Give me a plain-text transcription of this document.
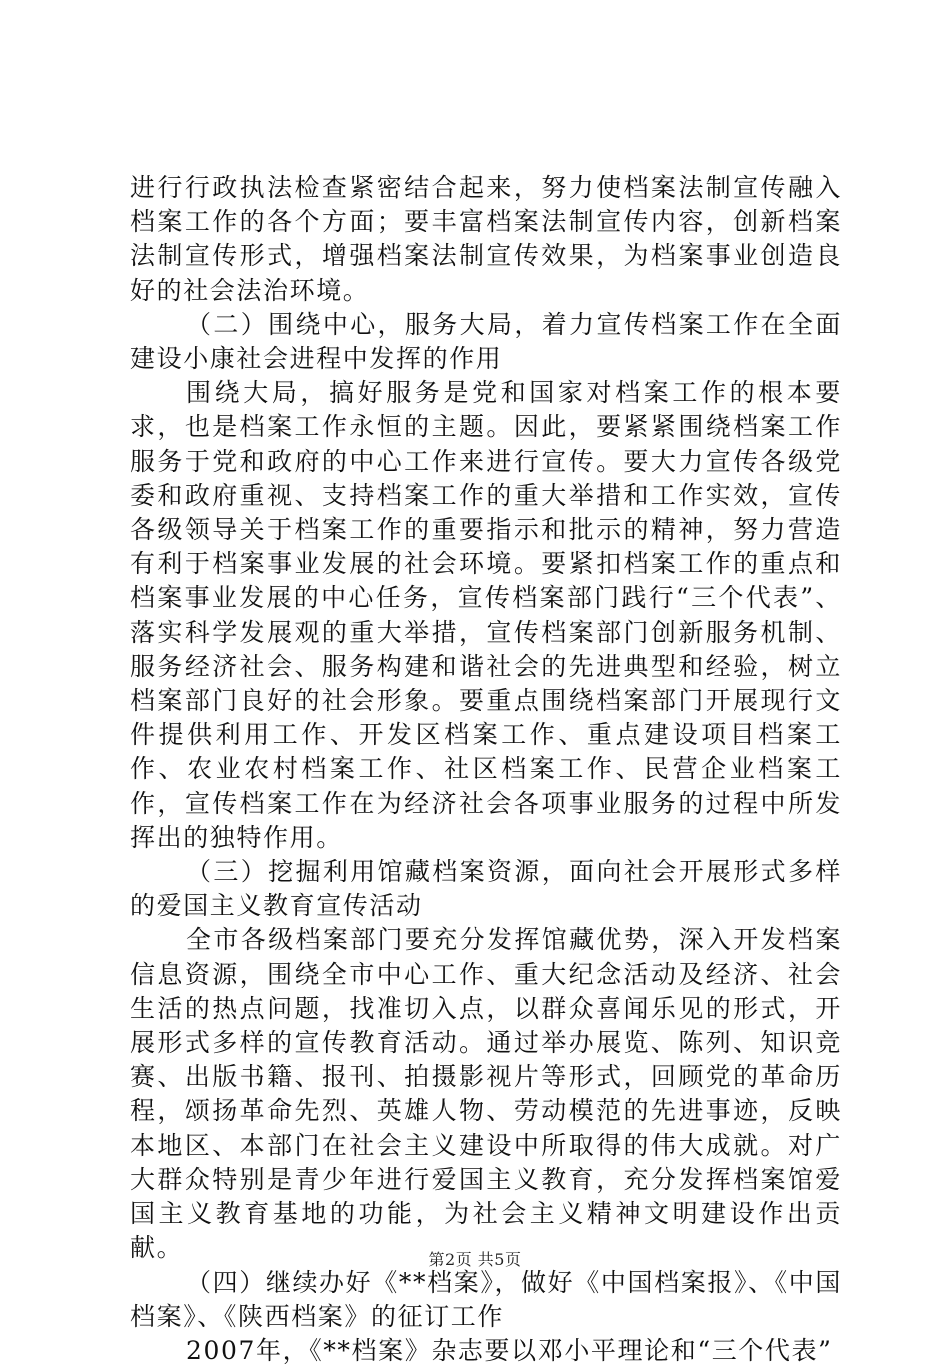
进行行政执法检查紧密结合起来，努力使档案法制宣传融入档案工作的各个方面；要丰富档案法制宣传内容，创新档案法制宣传形式，增强档案法制宣传效果，为档案事业创造良好的社会法治环境。

（二）围绕中心，服务大局，着力宣传档案工作在全面建设小康社会进程中发挥的作用

围绕大局，搞好服务是党和国家对档案工作的根本要求，也是档案工作永恒的主题。因此，要紧紧围绕档案工作服务于党和政府的中心工作来进行宣传。要大力宣传各级党委和政府重视、支持档案工作的重大举措和工作实效，宣传各级领导关于档案工作的重要指示和批示的精神，努力营造有利于档案事业发展的社会环境。要紧扣档案工作的重点和档案事业发展的中心任务，宣传档案部门践行“三个代表”、落实科学发展观的重大举措，宣传档案部门创新服务机制、服务经济社会、服务构建和谐社会的先进典型和经验，树立档案部门良好的社会形象。要重点围绕档案部门开展现行文件提供利用工作、开发区档案工作、重点建设项目档案工作、农业农村档案工作、社区档案工作、民营企业档案工作，宣传档案工作在为经济社会各项事业服务的过程中所发挥出的独特作用。

（三）挖掘利用馆藏档案资源，面向社会开展形式多样的爱国主义教育宣传活动

全市各级档案部门要充分发挥馆藏优势，深入开发档案信息资源，围绕全市中心工作、重大纪念活动及经济、社会生活的热点问题，找准切入点，以群众喜闻乐见的形式，开展形式多样的宣传教育活动。通过举办展览、陈列、知识竞赛、出版书籍、报刊、拍摄影视片等形式，回顾党的革命历程，颂扬革命先烈、英雄人物、劳动模范的先进事迹，反映本地区、本部门在社会主义建设中所取得的伟大成就。对广大群众特别是青少年进行爱国主义教育，充分发挥档案馆爱国主义教育基地的功能，为社会主义精神文明建设作出贡献。

（四）继续办好《**档案》，做好《中国档案报》、《中国档案》、《陕西档案》的征订工作

2007年，《**档案》杂志要以邓小平理论和“三个代表”

第2页 共5页
